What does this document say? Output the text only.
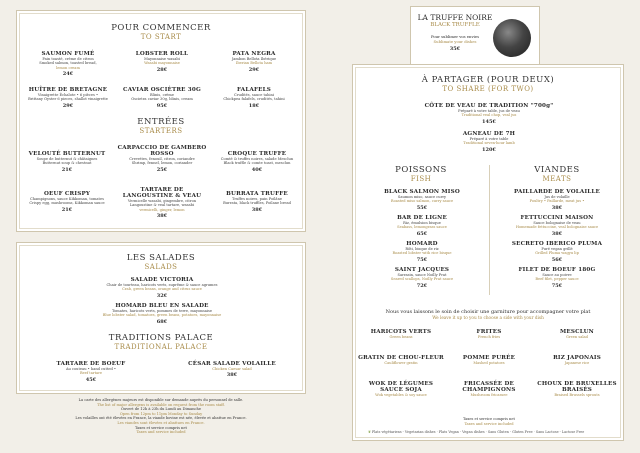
POUR COMMENCER
TO START
SAUMON FUMÉ
Pain toasté, crème de citron
Smoked salmon, toasted bread,
lemon cream
24€
LOBSTER ROLL
Mayonnaise wasabi
Wasabi mayonnaise
28€
PATA NEGRA
Jambon Bellota Ibérique
Iberian Bellota ham
29€
HUÎTRE DE BRETAGNE
Vinaigrette Échalote • 6 pièces •
Brittany Oyster 6 pieces, shallot vinaigrette
29€
CAVIAR OSCIÈTRE 30G
Blinis, crème
Oscietra caviar 30g, blinis, cream
95€
FALAFELS
Crudités, sauce tahini
Chickpea falafels, crudités, tahini
18€
ENTRÉES
STARTERS
VELOUTÉ BUTTERNUT
Soupe de butternut & châtaignes
Butternut soup & chestnut
21€
CARPACCIO DE GAMBERO ROSSO
Crevettes, fenouil, citron, coriandre
Shrimp, fennel, lemon, coriander
25€
CROQUE TRUFFE
Comté & truffes noires, salade Mesclun
Black truffle & comte toast, mesclun
40€
OEUF CRISPY
Champignons, sauce Kikkoman, tomates
Crispy egg, mushrooms, Kikkoman sauce
21€
TARTARE DE LANGOUSTINE & VEAU
Vermicelle wasabi, gingembre, citron
Langoustine & veal tartare, wasabi
vermicelli, ginger, lemon
38€
BURRATA TRUFFE
Truffes noires, pain Poilâne
Burrata, black truffles, Poilane bread
38€
LES SALADES
SALADS
SALADE VICTORIA
Chair de tourteau, haricots verts, suprême & sauce agrumes
Crab, green beans, orange and citrus sauce
32€
HOMARD BLEU EN SALADE
Tomates, haricots verts, pommes de terre, mayonnaise
Blue lobster salad, tomatoes, green beans, potatoes, mayonnaise
68€
TRADITIONS PALACE
TRADITIONAL PALACE
TARTARE DE BOEUF
Au couteau • hand cutted •
Beef tartare
45€
CÉSAR SALADE VOLAILLE
Chicken Caesar salad
38€
La carte des allergènes majeurs est disponible sur demande auprès du personnel de salle.
The list of major allergens is available on request from the room staff.
Ouvert de 12h à 23h du Lundi au Dimanche
Open from 12pm to 11pm Monday to Sunday
Les volailles ont été élevées en France, la viande bovine est née, élevée et abattue en France.
Les viandes sont élevées et abattues en France.
Taxes et service compris net
Taxes and service included
LA TRUFFE NOIRE
BLACK TRUFFLE
Pour sublimer vos envies
Sublimate your dishes
35€
À PARTAGER (POUR DEUX)
TO SHARE (FOR TWO)
CÔTE DE VEAU DE TRADITION "700g"
Préparé à votre table, jus de veau
Traditional veal chop, veal jus
145€
AGNEAU DE 7H
Préparé à votre table
Traditional seven-hour lamb
120€
POISSONS
FISH
BLACK SALMON MISO
Saumon miso, sauce curry
Roasted miso salmon, curry sauce
55€
BAR DE LIGNE
Riz, émulsion bisque
Seabass, lemongrass sauce
65€
HOMARD
Rôti, bisque de riz
Roasted lobster with rice bisque
75€
SAINT JACQUES
Sarrasin, sauce Noilly Prat
Seared scallops, Noilly Prat sauce
72€
VIANDES
MEATS
PAILLARDE DE VOLAILLE
Jus de volaille
Poultry • Paillarde, meat jus •
38€
FETTUCCINI MAISON
Sauce bolognaise de veau
Homemade fettuccine, veal bolognaise sauce
38€
SECRETO IBERICO PLUMA
Puré vegan grillé
Grilled Pluma wagyu lip
56€
FILET DE BOEUF 180G
Sauce au poivre
Beef filet, pepper sauce
75€
Nous vous laissons le soin de choisir une garniture pour accompagner votre plat
We leave it up to you to choose a side with your dish
HARICOTS VERTS
Green beans
FRITES
French fries
MESCLUN
Green salad
GRATIN DE CHOU-FLEUR
Cauliflower gratin
POMME PURÉE
Mashed potatoes
RIZ JAPONAIS
Japanese rice
WOK DE LÉGUMES SAUCE SOJA
Wok vegetables & soy sauce
FRICASSÉE DE CHAMPIGNONS
Mushroom fricassee
CHOUX DE BRUXELLES BRAISÉS
Braised Brussels sprouts
Taxes et service compris net
Taxes and service included
❦ Plats végétariens - Vegetarian dishes · Plats Vegan - Vegan dishes · Sans Gluten - Gluten Free · Sans Lactose - Lactose Free
